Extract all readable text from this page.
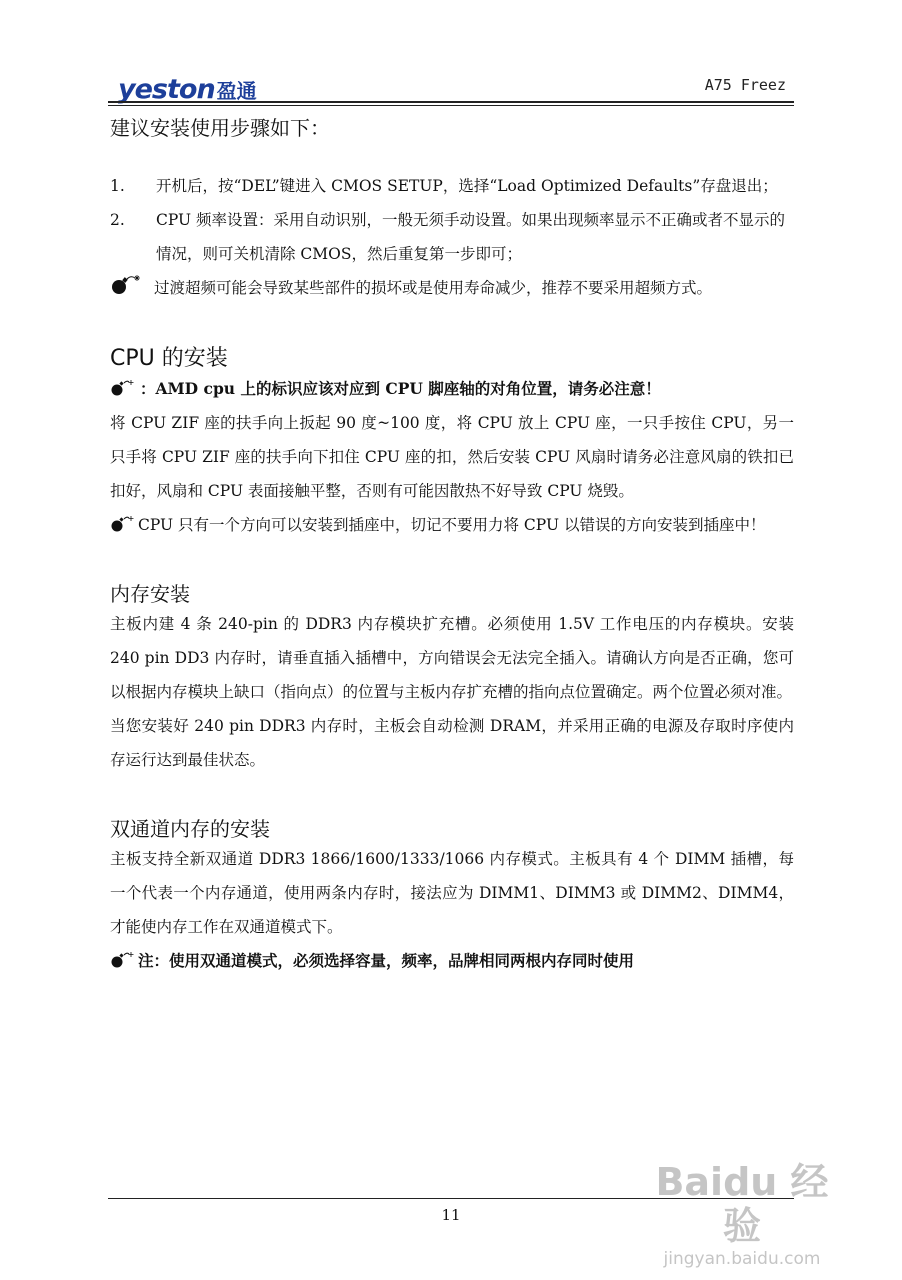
yeston 盈通	A75 Freez
建议安装使用步骤如下：
1.	开机后，按“DEL”键进入 CMOS SETUP，选择“Load Optimized Defaults”存盘退出；
2.	CPU 频率设置：采用自动识别，一般无须手动设置。如果出现频率显示不正确或者不显示的情况，则可关机清除 CMOS，然后重复第一步即可；

过渡超频可能会导致某些部件的损坏或是使用寿命减少，推荐不要采用超频方式。

CPU 的安装

：AMD cpu 上的标识应该对应到 CPU 脚座轴的对角位置，请务必注意！

将 CPU ZIF 座的扶手向上扳起 90 度~100 度，将 CPU 放上 CPU 座，一只手按住 CPU，另一只手将 CPU ZIF 座的扶手向下扣住 CPU 座的扣，然后安装 CPU 风扇时请务必注意风扇的铁扣已扣好，风扇和 CPU 表面接触平整，否则有可能因散热不好导致 CPU 烧毁。

CPU 只有一个方向可以安装到插座中，切记不要用力将 CPU 以错误的方向安装到插座中！

内存安装

主板内建 4 条 240-pin 的 DDR3 内存模块扩充槽。必须使用 1.5V 工作电压的内存模块。安装 240 pin DD3 内存时，请垂直插入插槽中，方向错误会无法完全插入。请确认方向是否正确，您可以根据内存模块上缺口（指向点）的位置与主板内存扩充槽的指向点位置确定。两个位置必须对准。

当您安装好 240 pin DDR3 内存时，主板会自动检测 DRAM，并采用正确的电源及存取时序使内存运行达到最佳状态。

双通道内存的安装

主板支持全新双通道 DDR3 1866/1600/1333/1066 内存模式。主板具有 4 个 DIMM 插槽，每一个代表一个内存通道，使用两条内存时，接法应为 DIMM1、DIMM3 或 DIMM2、DIMM4，才能使内存工作在双通道模式下。

注：使用双通道模式，必须选择容量，频率，品牌相同两根内存同时使用

11
Baidu 经验
jingyan.baidu.com
